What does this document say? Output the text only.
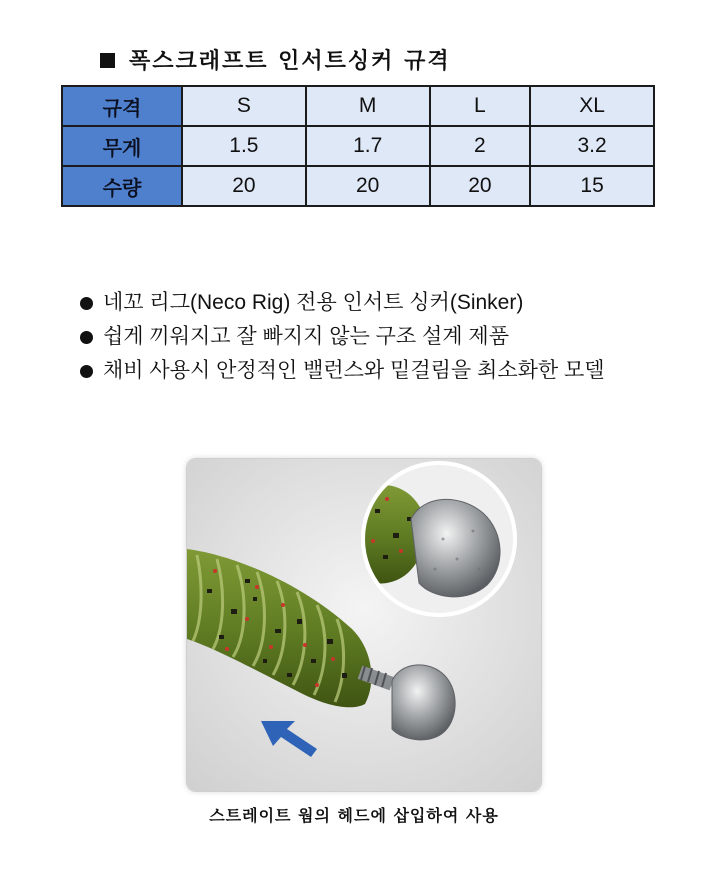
폭스크래프트 인서트싱커 규격
규격	S	M	L	XL
무게	1.5	1.7	2	3.2
수량	20	20	20	15
네꼬 리그(Neco Rig) 전용 인서트 싱커(Sinker)
쉽게 끼워지고 잘 빠지지 않는 구조 설계 제품
채비 사용시 안정적인 밸런스와 밑걸림을 최소화한 모델
스트레이트 웜의 헤드에 삽입하여 사용
